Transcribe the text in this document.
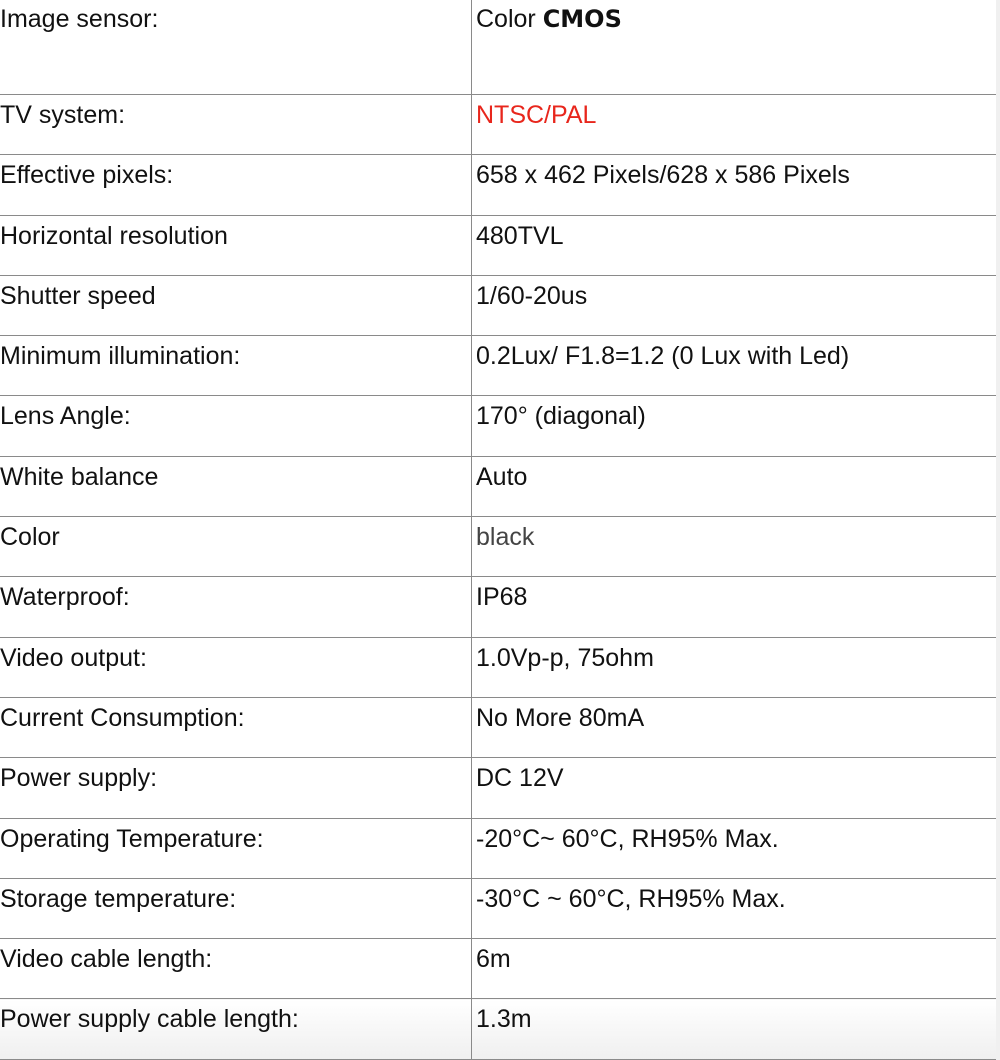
Image sensor:	Color CMOS
TV system:	NTSC/PAL
Effective pixels:	658 x 462 Pixels/628 x 586 Pixels
Horizontal resolution	480TVL
Shutter speed	1/60-20us
Minimum illumination:	0.2Lux/ F1.8=1.2 (0 Lux with Led)
Lens Angle:	170° (diagonal)
White balance	Auto
Color	black
Waterproof:	IP68
Video output:	1.0Vp-p, 75ohm
Current Consumption:	No More 80mA
Power supply:	DC 12V
Operating Temperature:	-20°C~ 60°C, RH95% Max.
Storage temperature:	-30°C ~ 60°C, RH95% Max.
Video cable length:	6m
Power supply cable length:	1.3m
